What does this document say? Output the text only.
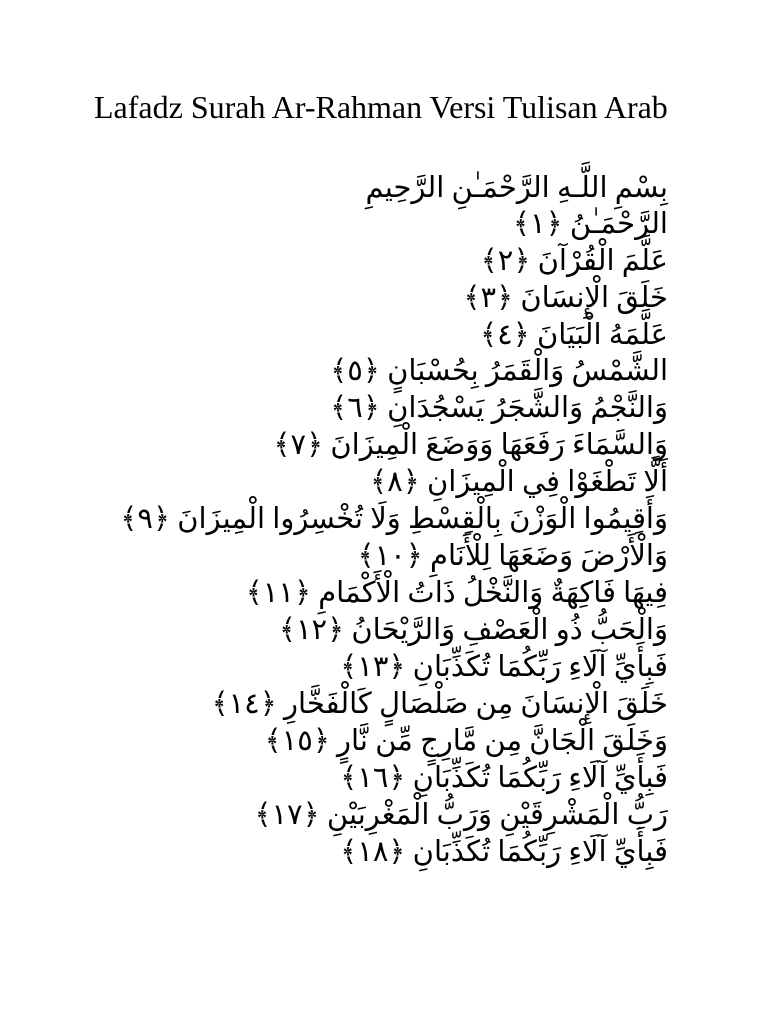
Lafadz Surah Ar-Rahman Versi Tulisan Arab
بِسْمِ اللَّـهِ الرَّحْمَـٰنِ الرَّحِيمِ
الرَّحْمَـٰنُ ﴿١﴾
عَلَّمَ الْقُرْآنَ ﴿٢﴾
خَلَقَ الْإِنسَانَ ﴿٣﴾
عَلَّمَهُ الْبَيَانَ ﴿٤﴾
الشَّمْسُ وَالْقَمَرُ بِحُسْبَانٍ ﴿٥﴾
وَالنَّجْمُ وَالشَّجَرُ يَسْجُدَانِ ﴿٦﴾
وَالسَّمَاءَ رَفَعَهَا وَوَضَعَ الْمِيزَانَ ﴿٧﴾
أَلَّا تَطْغَوْا فِي الْمِيزَانِ ﴿٨﴾
وَأَقِيمُوا الْوَزْنَ بِالْقِسْطِ وَلَا تُخْسِرُوا الْمِيزَانَ ﴿٩﴾
وَالْأَرْضَ وَضَعَهَا لِلْأَنَامِ ﴿١٠﴾
فِيهَا فَاكِهَةٌ وَالنَّخْلُ ذَاتُ الْأَكْمَامِ ﴿١١﴾
وَالْحَبُّ ذُو الْعَصْفِ وَالرَّيْحَانُ ﴿١٢﴾
فَبِأَيِّ آلَاءِ رَبِّكُمَا تُكَذِّبَانِ ﴿١٣﴾
خَلَقَ الْإِنسَانَ مِن صَلْصَالٍ كَالْفَخَّارِ ﴿١٤﴾
وَخَلَقَ الْجَانَّ مِن مَّارِجٍ مِّن نَّارٍ ﴿١٥﴾
فَبِأَيِّ آلَاءِ رَبِّكُمَا تُكَذِّبَانِ ﴿١٦﴾
رَبُّ الْمَشْرِقَيْنِ وَرَبُّ الْمَغْرِبَيْنِ ﴿١٧﴾
فَبِأَيِّ آلَاءِ رَبِّكُمَا تُكَذِّبَانِ ﴿١٨﴾
